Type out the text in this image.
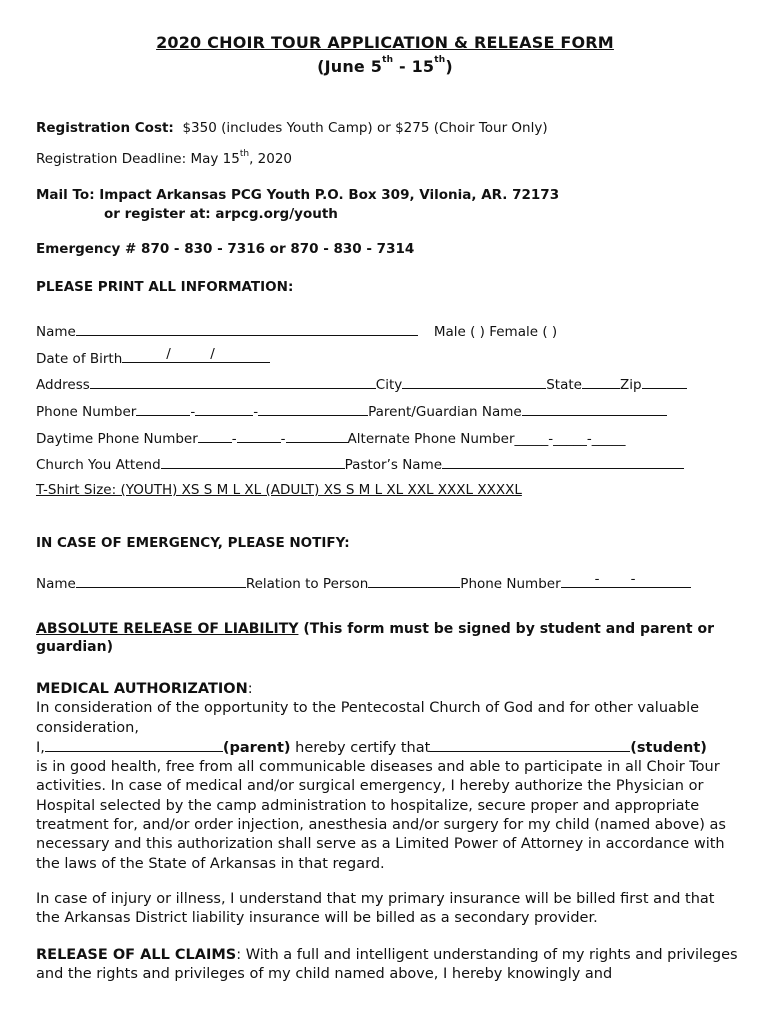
2020 CHOIR TOUR APPLICATION & RELEASE FORM
(June 5th - 15th)
Registration Cost: $350 (includes Youth Camp) or $275 (Choir Tour Only)
Registration Deadline: May 15th, 2020
Mail To: Impact Arkansas PCG Youth P.O. Box 309, Vilonia, AR. 72173
or register at: arpcg.org/youth
Emergency # 870 - 830 - 7316 or 870 - 830 - 7314
PLEASE PRINT ALL INFORMATION:
Name	Male ( ) Female ( )
Date of Birth	/	/
Address	City	State	Zip
Phone Number	-	-	Parent/Guardian Name
Daytime Phone Number	-	-	Alternate Phone Number_____-_____-_____
Church You Attend	Pastor’s Name
T-Shirt Size: (YOUTH) XS S M L XL (ADULT) XS S M L XL XXL XXXL XXXXL
IN CASE OF EMERGENCY, PLEASE NOTIFY:
Name	Relation to Person	Phone Number	- -

ABSOLUTE RELEASE OF LIABILITY (This form must be signed by student and parent or guardian)

MEDICAL AUTHORIZATION:

In consideration of the opportunity to the Pentecostal Church of God and for other valuable consideration,

I,	(parent) hereby certify that	(student)

is in good health, free from all communicable diseases and able to participate in all Choir Tour activities. In case of medical and/or surgical emergency, I hereby authorize the Physician or Hospital selected by the camp administration to hospitalize, secure proper and appropriate treatment for, and/or order injection, anesthesia and/or surgery for my child (named above) as necessary and this authorization shall serve as a Limited Power of Attorney in accordance with the laws of the State of Arkansas in that regard.

In case of injury or illness, I understand that my primary insurance will be billed first and that the Arkansas District liability insurance will be billed as a secondary provider.

RELEASE OF ALL CLAIMS: With a full and intelligent understanding of my rights and privileges and the rights and privileges of my child named above, I hereby knowingly and
